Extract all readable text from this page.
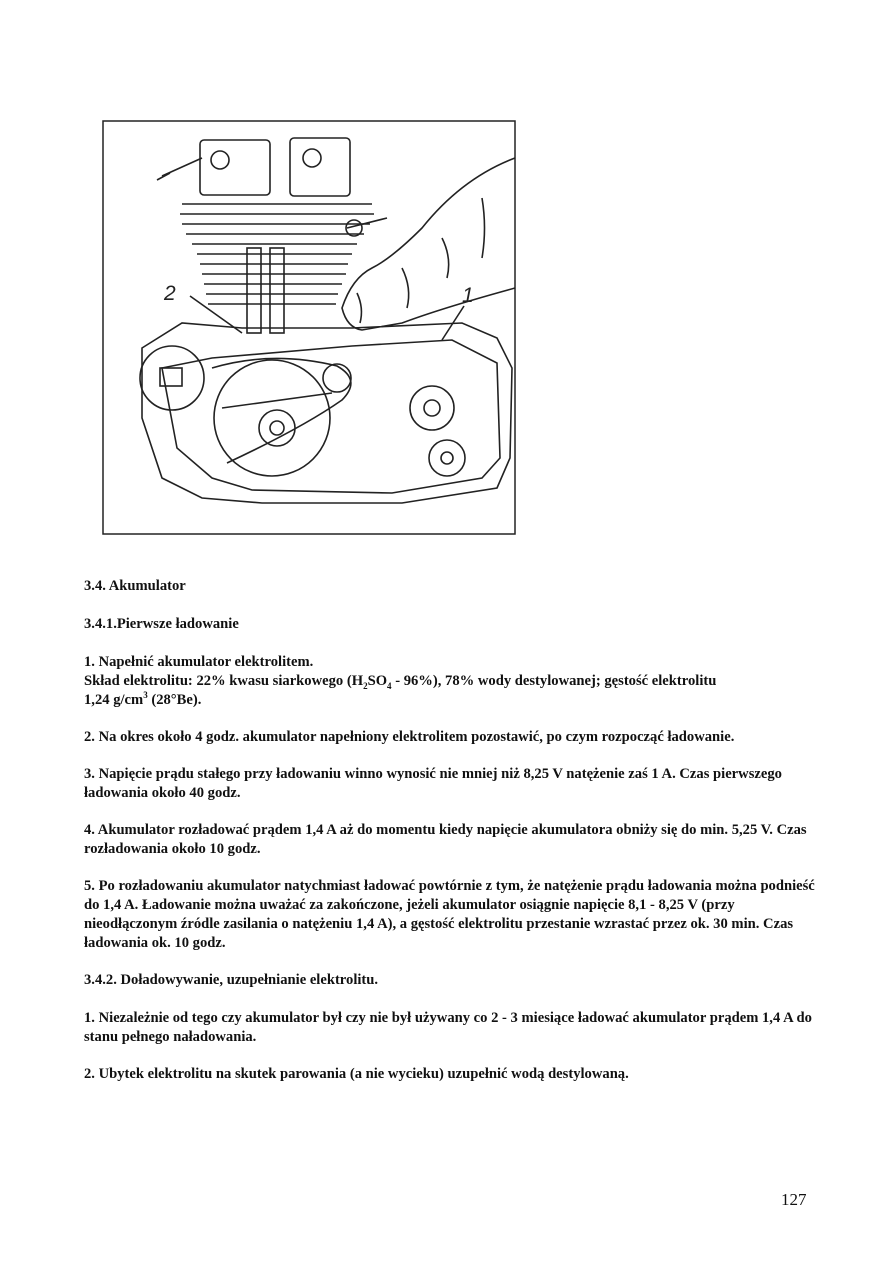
2	1

3.4. Akumulator

3.4.1.Pierwsze ładowanie

1. Napełnić akumulator elektrolitem.

Skład elektrolitu: 22% kwasu siarkowego $(H_2SO_4 - 96\%)$, 78% wody destylowanej; gęstość elektrolitu

1,24 $g/cm^3$ (28°Be).

2. Na okres około 4 godz. akumulator napełniony elektrolitem pozostawić, po czym rozpocząć ładowanie.

3. Napięcie prądu stałego przy ładowaniu winno wynosić nie mniej niż 8,25 V natężenie zaś 1 A. Czas pierwszego ładowania około 40 godz.

4. Akumulator rozładować prądem 1,4 A aż do momentu kiedy napięcie akumulatora obniży się do min. 5,25 V. Czas rozładowania około 10 godz.

5. Po rozładowaniu akumulator natychmiast ładować powtórnie z tym, że natężenie prądu ładowania można podnieść do 1,4 A. Ładowanie można uważać za zakończone, jeżeli akumulator osiągnie napięcie 8,1 - 8,25 V (przy nieodłączonym źródle zasilania o natężeniu 1,4 A), a gęstość elektrolitu przestanie wzrastać przez ok. 30 min. Czas ładowania ok. 10 godz.

3.4.2. Doładowywanie, uzupełnianie elektrolitu.

1. Niezależnie od tego czy akumulator był czy nie był używany co 2 - 3 miesiące ładować akumulator prądem 1,4 A do stanu pełnego naładowania.

2. Ubytek elektrolitu na skutek parowania (a nie wycieku) uzupełnić wodą destylowaną.

127
